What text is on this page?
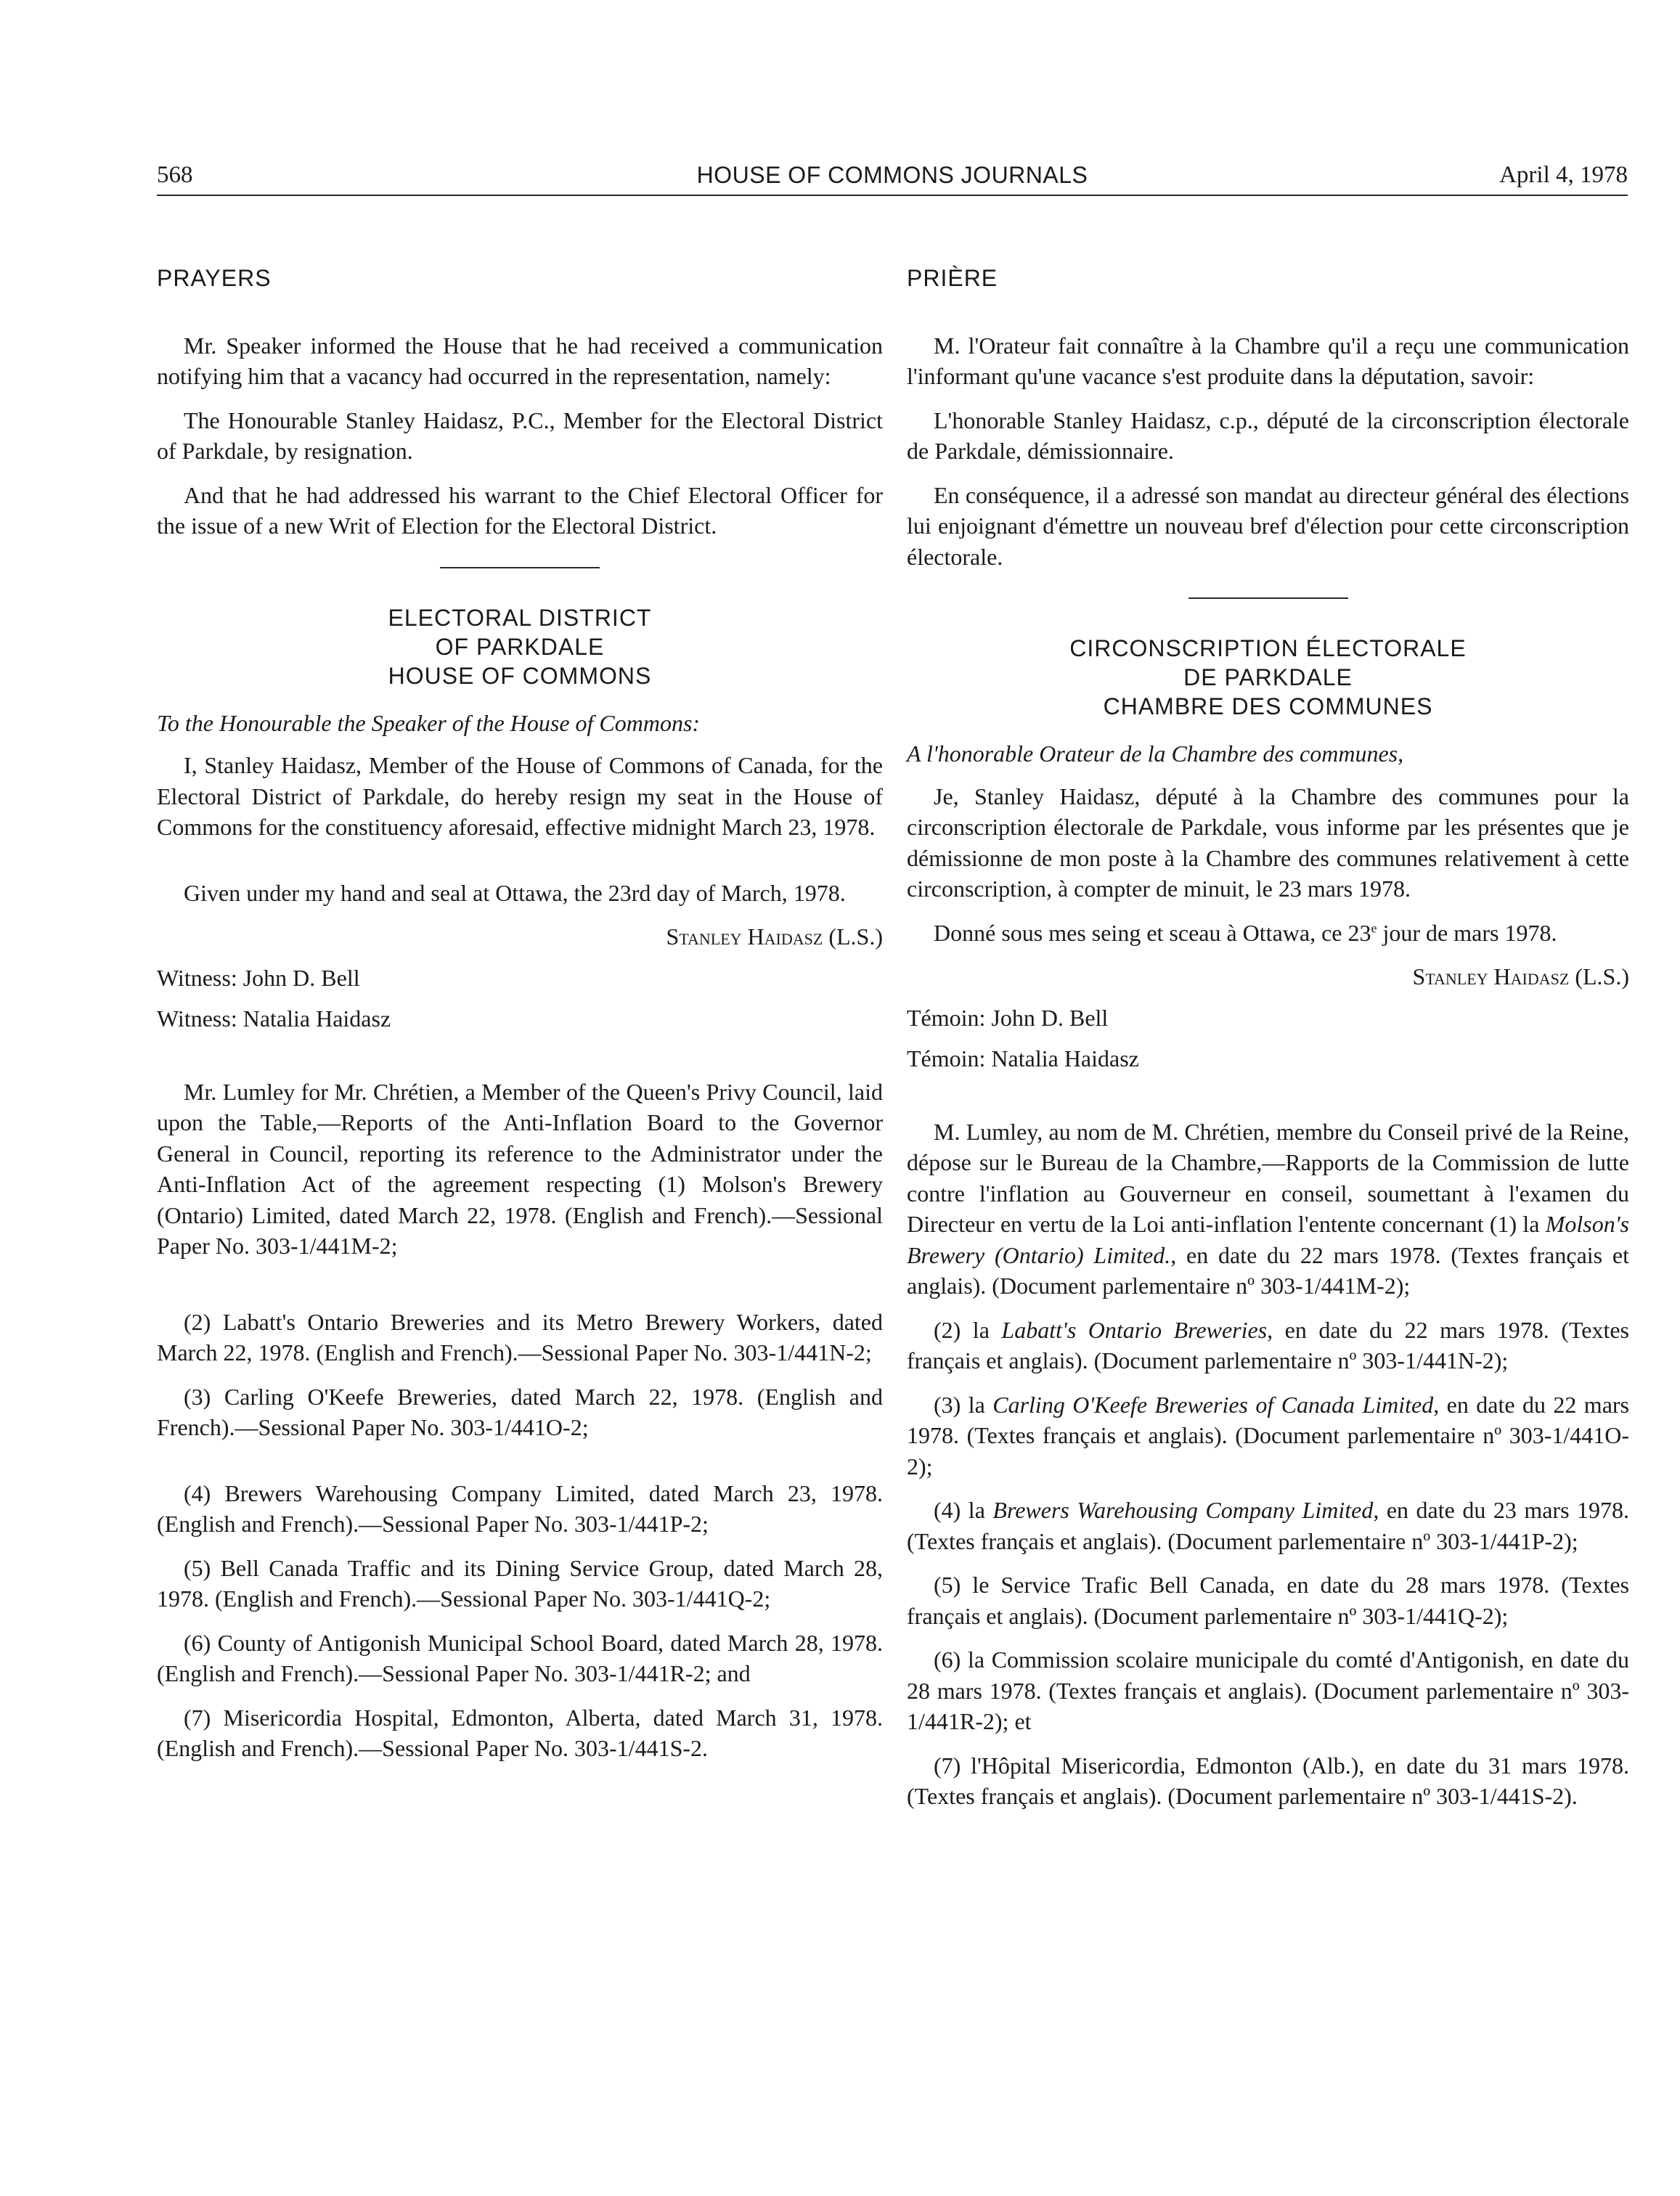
568	HOUSE OF COMMONS JOURNALS	April 4, 1978
PRAYERS

Mr. Speaker informed the House that he had received a communication notifying him that a vacancy had occurred in the representation, namely:

The Honourable Stanley Haidasz, P.C., Member for the Electoral District of Parkdale, by resignation.

And that he had addressed his warrant to the Chief Electoral Officer for the issue of a new Writ of Election for the Electoral District.

ELECTORAL DISTRICT
OF PARKDALE
HOUSE OF COMMONS

To the Honourable the Speaker of the House of Commons:

I, Stanley Haidasz, Member of the House of Commons of Canada, for the Electoral District of Parkdale, do hereby resign my seat in the House of Commons for the constituency aforesaid, effective midnight March 23, 1978.

Given under my hand and seal at Ottawa, the 23rd day of March, 1978.

Stanley Haidasz (L.S.)

Witness: John D. Bell

Witness: Natalia Haidasz

Mr. Lumley for Mr. Chrétien, a Member of the Queen's Privy Council, laid upon the Table,—Reports of the Anti-Inflation Board to the Governor General in Council, reporting its reference to the Administrator under the Anti-Inflation Act of the agreement respecting (1) Molson's Brewery (Ontario) Limited, dated March 22, 1978. (English and French).—Sessional Paper No. 303-1/441M-2;

(2) Labatt's Ontario Breweries and its Metro Brewery Workers, dated March 22, 1978. (English and French).—Sessional Paper No. 303-1/441N-2;

(3) Carling O'Keefe Breweries, dated March 22, 1978. (English and French).—Sessional Paper No. 303-1/441O-2;

(4) Brewers Warehousing Company Limited, dated March 23, 1978. (English and French).—Sessional Paper No. 303-1/441P-2;

(5) Bell Canada Traffic and its Dining Service Group, dated March 28, 1978. (English and French).—Sessional Paper No. 303-1/441Q-2;

(6) County of Antigonish Municipal School Board, dated March 28, 1978. (English and French).—Sessional Paper No. 303-1/441R-2; and

(7) Misericordia Hospital, Edmonton, Alberta, dated March 31, 1978. (English and French).—Sessional Paper No. 303-1/441S-2.

PRIÈRE

M. l'Orateur fait connaître à la Chambre qu'il a reçu une communication l'informant qu'une vacance s'est produite dans la députation, savoir:

L'honorable Stanley Haidasz, c.p., député de la circonscription électorale de Parkdale, démissionnaire.

En conséquence, il a adressé son mandat au directeur général des élections lui enjoignant d'émettre un nouveau bref d'élection pour cette circonscription électorale.

CIRCONSCRIPTION ÉLECTORALE
DE PARKDALE
CHAMBRE DES COMMUNES

A l'honorable Orateur de la Chambre des communes,

Je, Stanley Haidasz, député à la Chambre des communes pour la circonscription électorale de Parkdale, vous informe par les présentes que je démissionne de mon poste à la Chambre des communes relativement à cette circonscription, à compter de minuit, le 23 mars 1978.

Donné sous mes seing et sceau à Ottawa, ce 23e jour de mars 1978.

Stanley Haidasz (L.S.)

Témoin: John D. Bell

Témoin: Natalia Haidasz

M. Lumley, au nom de M. Chrétien, membre du Conseil privé de la Reine, dépose sur le Bureau de la Chambre,—Rapports de la Commission de lutte contre l'inflation au Gouverneur en conseil, soumettant à l'examen du Directeur en vertu de la Loi anti-inflation l'entente concernant (1) la Molson's Brewery (Ontario) Limited., en date du 22 mars 1978. (Textes français et anglais). (Document parlementaire nº 303-1/441M-2);

(2) la Labatt's Ontario Breweries, en date du 22 mars 1978. (Textes français et anglais). (Document parlementaire nº 303-1/441N-2);

(3) la Carling O'Keefe Breweries of Canada Limited, en date du 22 mars 1978. (Textes français et anglais). (Document parlementaire nº 303-1/441O-2);

(4) la Brewers Warehousing Company Limited, en date du 23 mars 1978. (Textes français et anglais). (Document parlementaire nº 303-1/441P-2);

(5) le Service Trafic Bell Canada, en date du 28 mars 1978. (Textes français et anglais). (Document parlementaire nº 303-1/441Q-2);

(6) la Commission scolaire municipale du comté d'Antigonish, en date du 28 mars 1978. (Textes français et anglais). (Document parlementaire nº 303-1/441R-2); et

(7) l'Hôpital Misericordia, Edmonton (Alb.), en date du 31 mars 1978. (Textes français et anglais). (Document parlementaire nº 303-1/441S-2).
